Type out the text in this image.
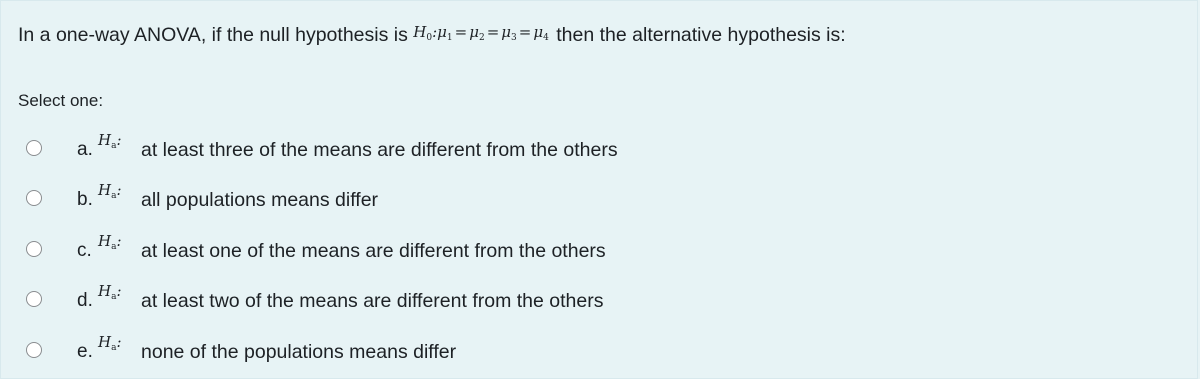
In a one-way ANOVA, if the null hypothesis is $H_0:\mu_1 = \mu_2 = \mu_3 = \mu_4$ then the alternative hypothesis is:
Select one:
a. $H_a$: at least three of the means are different from the others
b. $H_a$: all populations means differ
c. $H_a$: at least one of the means are different from the others
d. $H_a$: at least two of the means are different from the others
e. $H_a$: none of the populations means differ
